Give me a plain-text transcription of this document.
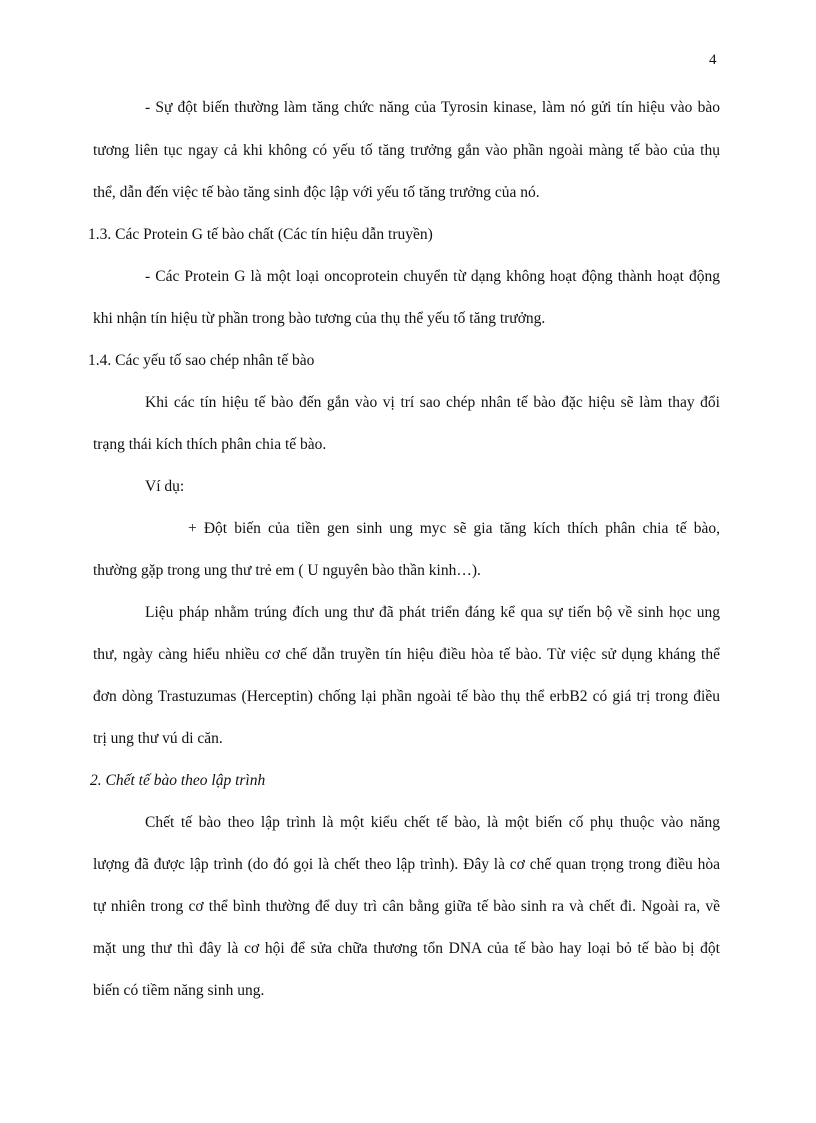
4
- Sự đột biến thường làm tăng chức năng của Tyrosin kinase, làm nó gửi tín hiệu vào bào
tương liên tục ngay cả khi không có yếu tố tăng trưởng gắn vào phần ngoài màng tế bào của thụ
thể, dẫn đến việc tế bào tăng sinh độc lập với yếu tố tăng trưởng của nó.
1.3. Các Protein G tế bào chất (Các tín hiệu dẫn truyền)
- Các Protein G là một loại oncoprotein chuyển từ dạng không hoạt động thành hoạt động
khi nhận tín hiệu từ phần trong bào tương của thụ thể yếu tố tăng trưởng.
1.4. Các yếu tố sao chép nhân tế bào
Khi các tín hiệu tế bào đến gắn vào vị trí sao chép nhân tế bào đặc hiệu sẽ làm thay đổi
trạng thái kích thích phân chia tế bào.
Ví dụ:
+ Đột biến của tiền gen sinh ung myc sẽ gia tăng kích thích phân chia tế bào,
thường gặp trong ung thư trẻ em ( U nguyên bào thần kinh…).
Liệu pháp nhằm trúng đích ung thư đã phát triển đáng kể qua sự tiến bộ về sinh học ung
thư, ngày càng hiểu nhiều cơ chế dẫn truyền tín hiệu điều hòa tế bào. Từ việc sử dụng kháng thể
đơn dòng Trastuzumas (Herceptin) chống lại phần ngoài tế bào thụ thể erbB2 có giá trị trong điều
trị ung thư vú di căn.
2. Chết tế bào theo lập trình
Chết tế bào theo lập trình là một kiểu chết tế bào, là một biến cố phụ thuộc vào năng
lượng đã được lập trình (do đó gọi là chết theo lập trình). Đây là cơ chế quan trọng trong điều hòa
tự nhiên trong cơ thể bình thường để duy trì cân bằng giữa tế bào sinh ra và chết đi. Ngoài ra, về
mặt ung thư thì đây là cơ hội để sửa chữa thương tổn DNA của tế bào hay loại bỏ tế bào bị đột
biến có tiềm năng sinh ung.
